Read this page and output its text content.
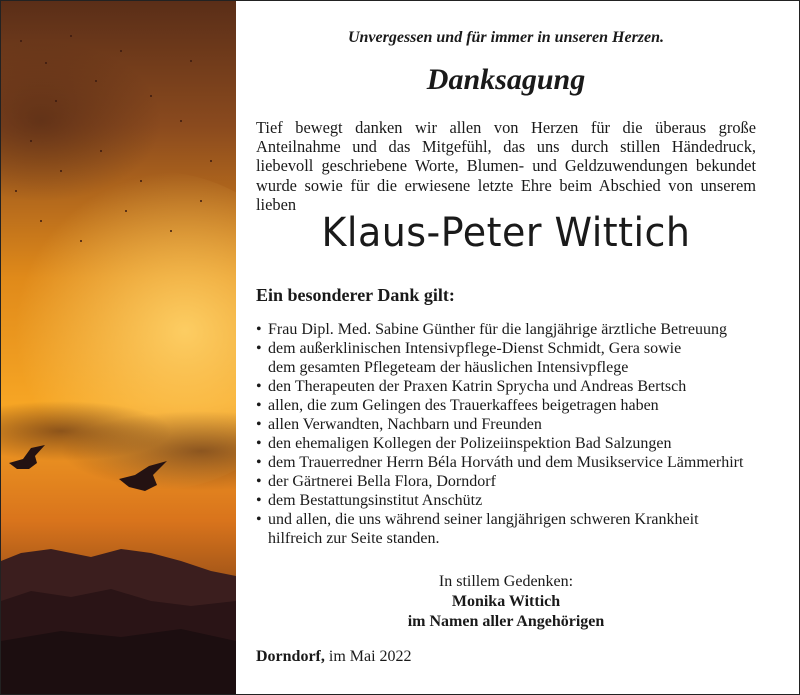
Unvergessen und für immer in unseren Herzen.
Danksagung
Tief bewegt danken wir allen von Herzen für die überaus große Anteilnahme und das Mitgefühl, das uns durch stillen Händedruck, liebevoll geschriebene Worte, Blumen- und Geldzuwendungen bekundet wurde sowie für die erwiesene letzte Ehre beim Abschied von unserem lieben
Klaus-Peter Wittich
Ein besonderer Dank gilt:
• Frau Dipl. Med. Sabine Günther für die langjährige ärztliche Betreuung
• dem außerklinischen Intensivpflege-Dienst Schmidt, Gera sowie
dem gesamten Pflegeteam der häuslichen Intensivpflege
• den Therapeuten der Praxen Katrin Sprycha und Andreas Bertsch
• allen, die zum Gelingen des Trauerkaffees beigetragen haben
• allen Verwandten, Nachbarn und Freunden
• den ehemaligen Kollegen der Polizeiinspektion Bad Salzungen
• dem Trauerredner Herrn Béla Horváth und dem Musikservice Lämmerhirt
• der Gärtnerei Bella Flora, Dorndorf
• dem Bestattungsinstitut Anschütz
• und allen, die uns während seiner langjährigen schweren Krankheit
hilfreich zur Seite standen.
In stillem Gedenken:
Monika Wittich
im Namen aller Angehörigen
Dorndorf, im Mai 2022
